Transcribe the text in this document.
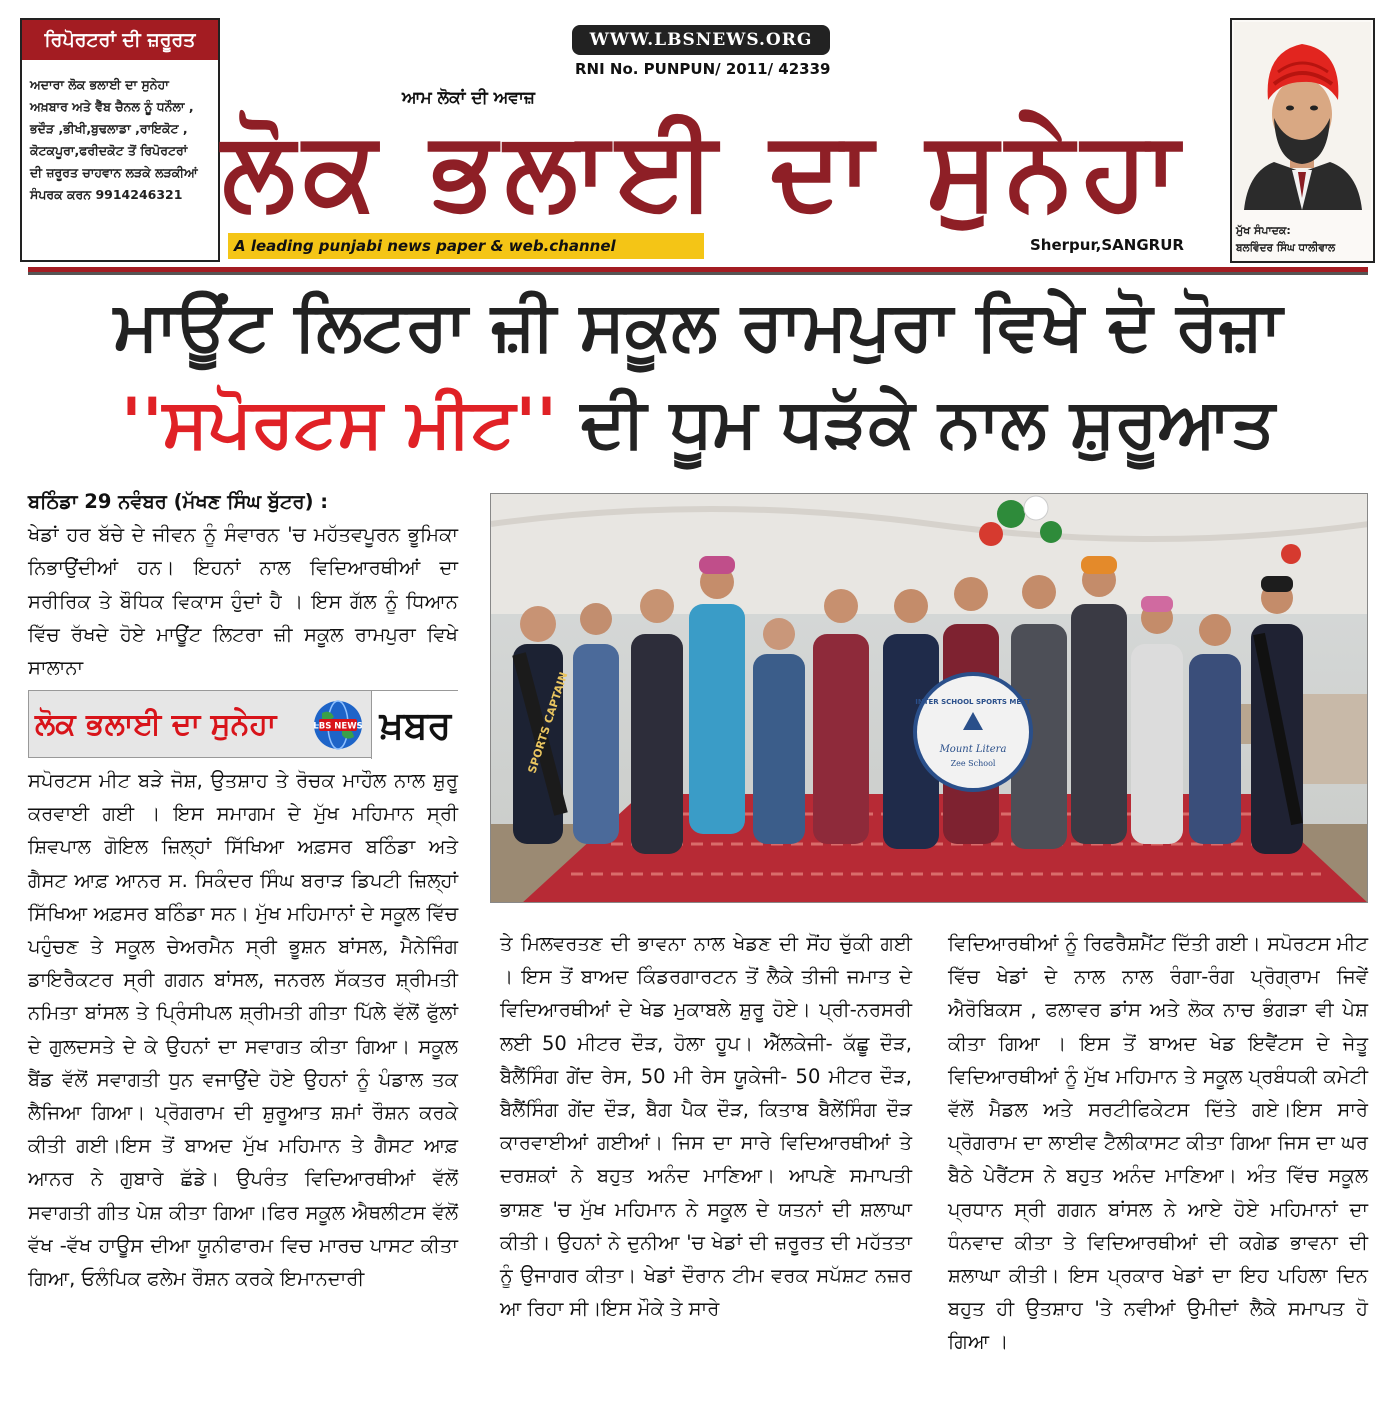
ਰਿਪੋਰਟਰਾਂ ਦੀ ਜ਼ਰੂਰਤ
ਅਦਾਰਾ ਲੋਕ ਭਲਾਈ ਦਾ ਸੁਨੇਹਾ
ਅਖ਼ਬਾਰ ਅਤੇ ਵੈੱਬ ਚੈਨਲ ਨੂੰ ਧਨੌਲਾ ,
ਭਦੌੜ ,ਭੀਖੀ,ਬੁਢਲਾਡਾ ,ਰਾਇਕੋਟ ,
ਕੋਟਕਪੂਰਾ,ਫਰੀਦਕੋਟ ਤੋਂ ਰਿਪੋਰਟਰਾਂ
ਦੀ ਜ਼ਰੂਰਤ ਚਾਹਵਾਨ ਲੜਕੇ ਲੜਕੀਆਂ
ਸੰਪਰਕ ਕਰਨ 9914246321
WWW.LBSNEWS.ORG
RNI No. PUNPUN/ 2011/ 42339
ਆਮ ਲੋਕਾਂ ਦੀ ਅਵਾਜ਼
ਲੋਕ ਭਲਾਈ ਦਾ ਸੁਨੇਹਾ
A leading punjabi news paper & web.channel	Sherpur,SANGRUR
ਮੁੱਖ ਸੰਪਾਦਕ:
ਬਲਵਿੰਦਰ ਸਿੰਘ ਧਾਲੀਵਾਲ
ਮਾਊਂਟ ਲਿਟਰਾ ਜ਼ੀ ਸਕੂਲ ਰਾਮਪੁਰਾ ਵਿਖੇ ਦੋ ਰੋਜ਼ਾ
''ਸਪੋਰਟਸ ਮੀਟ'' ਦੀ ਧੂਮ ਧੜੱਕੇ ਨਾਲ ਸ਼ੁਰੂਆਤ

ਬਠਿੰਡਾ 29 ਨਵੰਬਰ (ਮੱਖਣ ਸਿੰਘ ਬੁੱਟਰ) :

ਖੇਡਾਂ ਹਰ ਬੱਚੇ ਦੇ ਜੀਵਨ ਨੂੰ ਸੰਵਾਰਨ 'ਚ ਮਹੱਤਵਪੂਰਨ ਭੂਮਿਕਾ ਨਿਭਾਉਂਦੀਆਂ ਹਨ। ਇਹਨਾਂ ਨਾਲ ਵਿਦਿਆਰਥੀਆਂ ਦਾ ਸਰੀਰਿਕ ਤੇ ਬੌਧਿਕ ਵਿਕਾਸ ਹੁੰਦਾਂ ਹੈ । ਇਸ ਗੱਲ ਨੂੰ ਧਿਆਨ ਵਿੱਚ ਰੱਖਦੇ ਹੋਏ ਮਾਊਂਟ ਲਿਟਰਾ ਜ਼ੀ ਸਕੂਲ ਰਾਮਪੁਰਾ ਵਿਖੇ ਸਾਲਾਨਾ

ਲੋਕ ਭਲਾਈ ਦਾ ਸੁਨੇਹਾ	LBS NEWS ਖ਼ਬਰ

ਸਪੋਰਟਸ ਮੀਟ ਬੜੇ ਜੋਸ਼, ਉਤਸ਼ਾਹ ਤੇ ਰੋਚਕ ਮਾਹੌਲ ਨਾਲ ਸ਼ੁਰੂ ਕਰਵਾਈ ਗਈ । ਇਸ ਸਮਾਗਮ ਦੇ ਮੁੱਖ ਮਹਿਮਾਨ ਸ੍ਰੀ ਸ਼ਿਵਪਾਲ ਗੋਇਲ ਜ਼ਿਲ੍ਹਾਂ ਸਿੱਖਿਆ ਅਫ਼ਸਰ ਬਠਿੰਡਾ ਅਤੇ ਗੈਸਟ ਆਫ਼ ਆਨਰ ਸ. ਸਿਕੰਦਰ ਸਿੰਘ ਬਰਾੜ ਡਿਪਟੀ ਜ਼ਿਲ੍ਹਾਂ ਸਿੱਖਿਆ ਅਫ਼ਸਰ ਬਠਿੰਡਾ ਸਨ। ਮੁੱਖ ਮਹਿਮਾਨਾਂ ਦੇ ਸਕੂਲ ਵਿੱਚ ਪਹੁੰਚਣ ਤੇ ਸਕੂਲ ਚੇਅਰਮੈਨ ਸ੍ਰੀ ਭੂਸ਼ਨ ਬਾਂਸਲ, ਮੈਨੇਜਿੰਗ ਡਾਇਰੈਕਟਰ ਸ੍ਰੀ ਗਗਨ ਬਾਂਸਲ, ਜਨਰਲ ਸੱਕਤਰ ਸ਼੍ਰੀਮਤੀ ਨਮਿਤਾ ਬਾਂਸਲ ਤੇ ਪ੍ਰਿੰਸੀਪਲ ਸ਼੍ਰੀਮਤੀ ਗੀਤਾ ਪਿੱਲੇ ਵੱਲੋਂ ਫੁੱਲਾਂ ਦੇ ਗੁਲਦਸਤੇ ਦੇ ਕੇ ਉਹਨਾਂ ਦਾ ਸਵਾਗਤ ਕੀਤਾ ਗਿਆ। ਸਕੂਲ ਬੈਂਡ ਵੱਲੋਂ ਸਵਾਗਤੀ ਧੁਨ ਵਜਾਉਂਦੇ ਹੋਏ ਉਹਨਾਂ ਨੂੰ ਪੰਡਾਲ ਤਕ ਲੈਜਿਆ ਗਿਆ। ਪ੍ਰੋਗਰਾਮ ਦੀ ਸ਼ੁਰੂਆਤ ਸ਼ਮਾਂ ਰੌਸ਼ਨ ਕਰਕੇ ਕੀਤੀ ਗਈ।ਇਸ ਤੋਂ ਬਾਅਦ ਮੁੱਖ ਮਹਿਮਾਨ ਤੇ ਗੈਸਟ ਆਫ਼ ਆਨਰ ਨੇ ਗੁਬਾਰੇ ਛੱਡੇ। ਉਪਰੰਤ ਵਿਦਿਆਰਥੀਆਂ ਵੱਲੋਂ ਸਵਾਗਤੀ ਗੀਤ ਪੇਸ਼ ਕੀਤਾ ਗਿਆ।ਫਿਰ ਸਕੂਲ ਐਥਲੀਟਸ ਵੱਲੋਂ ਵੱਖ -ਵੱਖ ਹਾਊਸ ਦੀਆ ਯੂਨੀਫਾਰਮ ਵਿਚ ਮਾਰਚ ਪਾਸਟ ਕੀਤਾ ਗਿਆ, ਓਲੰਪਿਕ ਫਲੇਮ ਰੌਸ਼ਨ ਕਰਕੇ ਇਮਾਨਦਾਰੀ

SPORTS CAPTAIN	INTER SCHOOL SPORTS MEET
Mount Litera
Zee School

ਤੇ ਮਿਲਵਰਤਣ ਦੀ ਭਾਵਨਾ ਨਾਲ ਖੇਡਣ ਦੀ ਸੋਂਹ ਚੁੱਕੀ ਗਈ । ਇਸ ਤੋਂ ਬਾਅਦ ਕਿੰਡਰਗਾਰਟਨ ਤੋਂ ਲੈਕੇ ਤੀਜੀ ਜਮਾਤ ਦੇ ਵਿਦਿਆਰਥੀਆਂ ਦੇ ਖੇਡ ਮੁਕਾਬਲੇ ਸ਼ੁਰੂ ਹੋਏ। ਪ੍ਰੀ-ਨਰਸਰੀ ਲਈ 50 ਮੀਟਰ ਦੌੜ, ਹੋਲਾ ਹੂਪ। ਐੱਲਕੇਜੀ- ਕੱਛੂ ਦੌੜ, ਬੈਲੈਂਸਿੰਗ ਗੇਂਦ ਰੇਸ, 50 ਮੀ ਰੇਸ ਯੂਕੇਜੀ- 50 ਮੀਟਰ ਦੌੜ, ਬੈਲੈਂਸਿੰਗ ਗੇਂਦ ਦੌੜ, ਬੈਗ ਪੈਕ ਦੌੜ, ਕਿਤਾਬ ਬੈਲੇਂਸਿੰਗ ਦੌੜ ਕਾਰਵਾਈਆਂ ਗਈਆਂ। ਜਿਸ ਦਾ ਸਾਰੇ ਵਿਦਿਆਰਥੀਆਂ ਤੇ ਦਰਸ਼ਕਾਂ ਨੇ ਬਹੁਤ ਅਨੰਦ ਮਾਣਿਆ। ਆਪਣੇ ਸਮਾਪਤੀ ਭਾਸ਼ਣ 'ਚ ਮੁੱਖ ਮਹਿਮਾਨ ਨੇ ਸਕੂਲ ਦੇ ਯਤਨਾਂ ਦੀ ਸ਼ਲਾਘਾ ਕੀਤੀ। ਉਹਨਾਂ ਨੇ ਦੁਨੀਆ 'ਚ ਖੇਡਾਂ ਦੀ ਜ਼ਰੂਰਤ ਦੀ ਮਹੱਤਤਾ ਨੂੰ ਉਜਾਗਰ ਕੀਤਾ। ਖੇਡਾਂ ਦੌਰਾਨ ਟੀਮ ਵਰਕ ਸਪੱਸ਼ਟ ਨਜ਼ਰ ਆ ਰਿਹਾ ਸੀ।ਇਸ ਮੌਕੇ ਤੇ ਸਾਰੇ

ਵਿਦਿਆਰਥੀਆਂ ਨੂੰ ਰਿਫਰੈਸ਼ਮੈਂਟ ਦਿੱਤੀ ਗਈ। ਸਪੋਰਟਸ ਮੀਟ ਵਿੱਚ ਖੇਡਾਂ ਦੇ ਨਾਲ ਨਾਲ ਰੰਗਾ-ਰੰਗ ਪ੍ਰੋਗ੍ਰਾਮ ਜਿਵੇਂ ਐਰੋਬਿਕਸ , ਫਲਾਵਰ ਡਾਂਸ ਅਤੇ ਲੋਕ ਨਾਚ ਭੰਗੜਾ ਵੀ ਪੇਸ਼ ਕੀਤਾ ਗਿਆ । ਇਸ ਤੋਂ ਬਾਅਦ ਖੇਡ ਇਵੈਂਟਸ ਦੇ ਜੇਤੂ ਵਿਦਿਆਰਥੀਆਂ ਨੂੰ ਮੁੱਖ ਮਹਿਮਾਨ ਤੇ ਸਕੂਲ ਪ੍ਰਬੰਧਕੀ ਕਮੇਟੀ ਵੱਲੋਂ ਮੈਡਲ ਅਤੇ ਸਰਟੀਫਿਕੇਟਸ ਦਿੱਤੇ ਗਏ।ਇਸ ਸਾਰੇ ਪ੍ਰੋਗਰਾਮ ਦਾ ਲਾਈਵ ਟੈਲੀਕਾਸਟ ਕੀਤਾ ਗਿਆ ਜਿਸ ਦਾ ਘਰ ਬੈਠੇ ਪੇਰੈਂਟਸ ਨੇ ਬਹੁਤ ਅਨੰਦ ਮਾਣਿਆ। ਅੰਤ ਵਿੱਚ ਸਕੂਲ ਪ੍ਰਧਾਨ ਸ੍ਰੀ ਗਗਨ ਬਾਂਸਲ ਨੇ ਆਏ ਹੋਏ ਮਹਿਮਾਨਾਂ ਦਾ ਧੰਨਵਾਦ ਕੀਤਾ ਤੇ ਵਿਦਿਆਰਥੀਆਂ ਦੀ ਕਗੇਡ ਭਾਵਨਾ ਦੀ ਸ਼ਲਾਘਾ ਕੀਤੀ। ਇਸ ਪ੍ਰਕਾਰ ਖੇਡਾਂ ਦਾ ਇਹ ਪਹਿਲਾ ਦਿਨ ਬਹੁਤ ਹੀ ਉਤਸ਼ਾਹ 'ਤੇ ਨਵੀਆਂ ਉਮੀਦਾਂ ਲੈਕੇ ਸਮਾਪਤ ਹੋ ਗਿਆ ।
